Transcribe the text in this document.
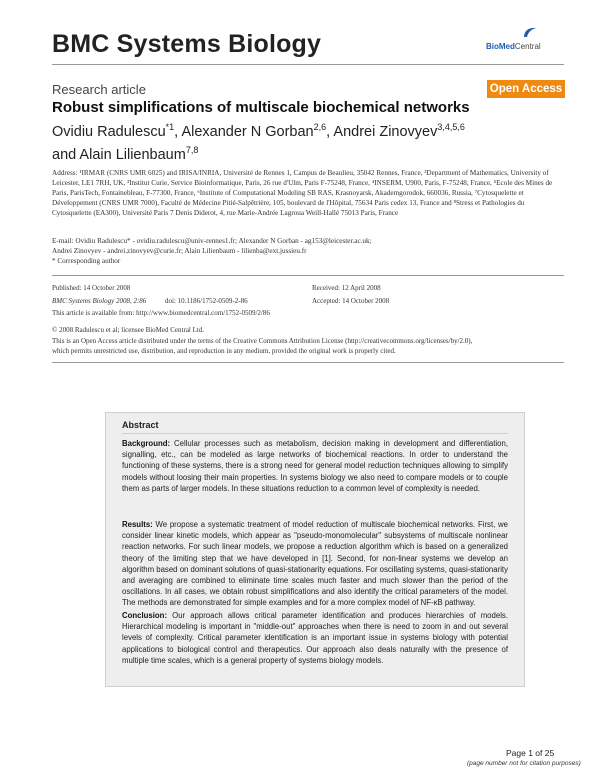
BMC Systems Biology	BioMedCentral
Research article	Open Access
Robust simplifications of multiscale biochemical networks
Ovidiu Radulescu$^{*1}$, Alexander N Gorban$^{2,6}$, Andrei Zinovyev$^{3,4,5,6}$
and Alain Lilienbaum$^{7,8}$
Address: ¹IRMAR (CNRS UMR 6025) and IRISA/INRIA, Université de Rennes 1, Campus de Beaulieu, 35042 Rennes, France, ²Department of Mathematics, University of Leicester, LE1 7RH, UK, ³Institut Curie, Service Bioinformatique, Paris, 26 rue d'Ulm, Paris F-75248, France, ⁴INSERM, U900, Paris, F-75248, France, ⁵Ecole des Mines de Paris, ParisTech, Fontainebleau, F-77300, France, ⁶Institute of Computational Modeling SB RAS, Krasnoyarsk, Akademgorodok, 660036, Russia, ⁷Cytosquelette et Développement (CNRS UMR 7000), Faculté de Médecine Pitié-Salpêtrière, 105, boulevard de l'Hôpital, 75634 Paris cedex 13, France and ⁸Stress et Pathologies du Cytosquelette (EA300), Université Paris 7 Denis Diderot, 4, rue Marie-Andrée Lagroua Weill-Hallé 75013 Paris, France
E-mail: Ovidiu Radulescu* - ovidiu.radulescu@univ-rennes1.fr; Alexander N Gorban - ag153@leicester.ac.uk;
Andrei Zinovyev - andrei.zinovyev@curie.fr; Alain Lilienbaum - lilienba@ext.jussieu.fr
* Corresponding author
Published: 14 October 2008	Received: 12 April 2008
BMC Systems Biology 2008, 2:86	doi: 10.1186/1752-0509-2-86	Accepted: 14 October 2008
This article is available from: http://www.biomedcentral.com/1752-0509/2/86
© 2008 Radulescu et al; licensee BioMed Central Ltd.
This is an Open Access article distributed under the terms of the Creative Commons Attribution License (http://creativecommons.org/licenses/by/2.0),
which permits unrestricted use, distribution, and reproduction in any medium, provided the original work is properly cited.
Abstract
Background: Cellular processes such as metabolism, decision making in development and differentiation, signalling, etc., can be modeled as large networks of biochemical reactions. In order to understand the functioning of these systems, there is a strong need for general model reduction techniques allowing to simplify models without loosing their main properties. In systems biology we also need to compare models or to couple them as parts of larger models. In these situations reduction to a common level of complexity is needed.
Results: We propose a systematic treatment of model reduction of multiscale biochemical networks. First, we consider linear kinetic models, which appear as "pseudo-monomolecular" subsystems of multiscale nonlinear reaction networks. For such linear models, we propose a reduction algorithm which is based on a generalized theory of the limiting step that we have developed in [1]. Second, for non-linear systems we develop an algorithm based on dominant solutions of quasi-stationarity equations. For oscillating systems, quasi-stationarity and averaging are combined to eliminate time scales much faster and much slower than the period of the oscillations. In all cases, we obtain robust simplifications and also identify the critical parameters of the model. The methods are demonstrated for simple examples and for a more complex model of NF-κB pathway.
Conclusion: Our approach allows critical parameter identification and produces hierarchies of models. Hierarchical modeling is important in "middle-out" approaches when there is need to zoom in and out several levels of complexity. Critical parameter identification is an important issue in systems biology with potential applications to biological control and therapeutics. Our approach also deals naturally with the presence of multiple time scales, which is a general property of systems biology models.
Page 1 of 25
(page number not for citation purposes)
